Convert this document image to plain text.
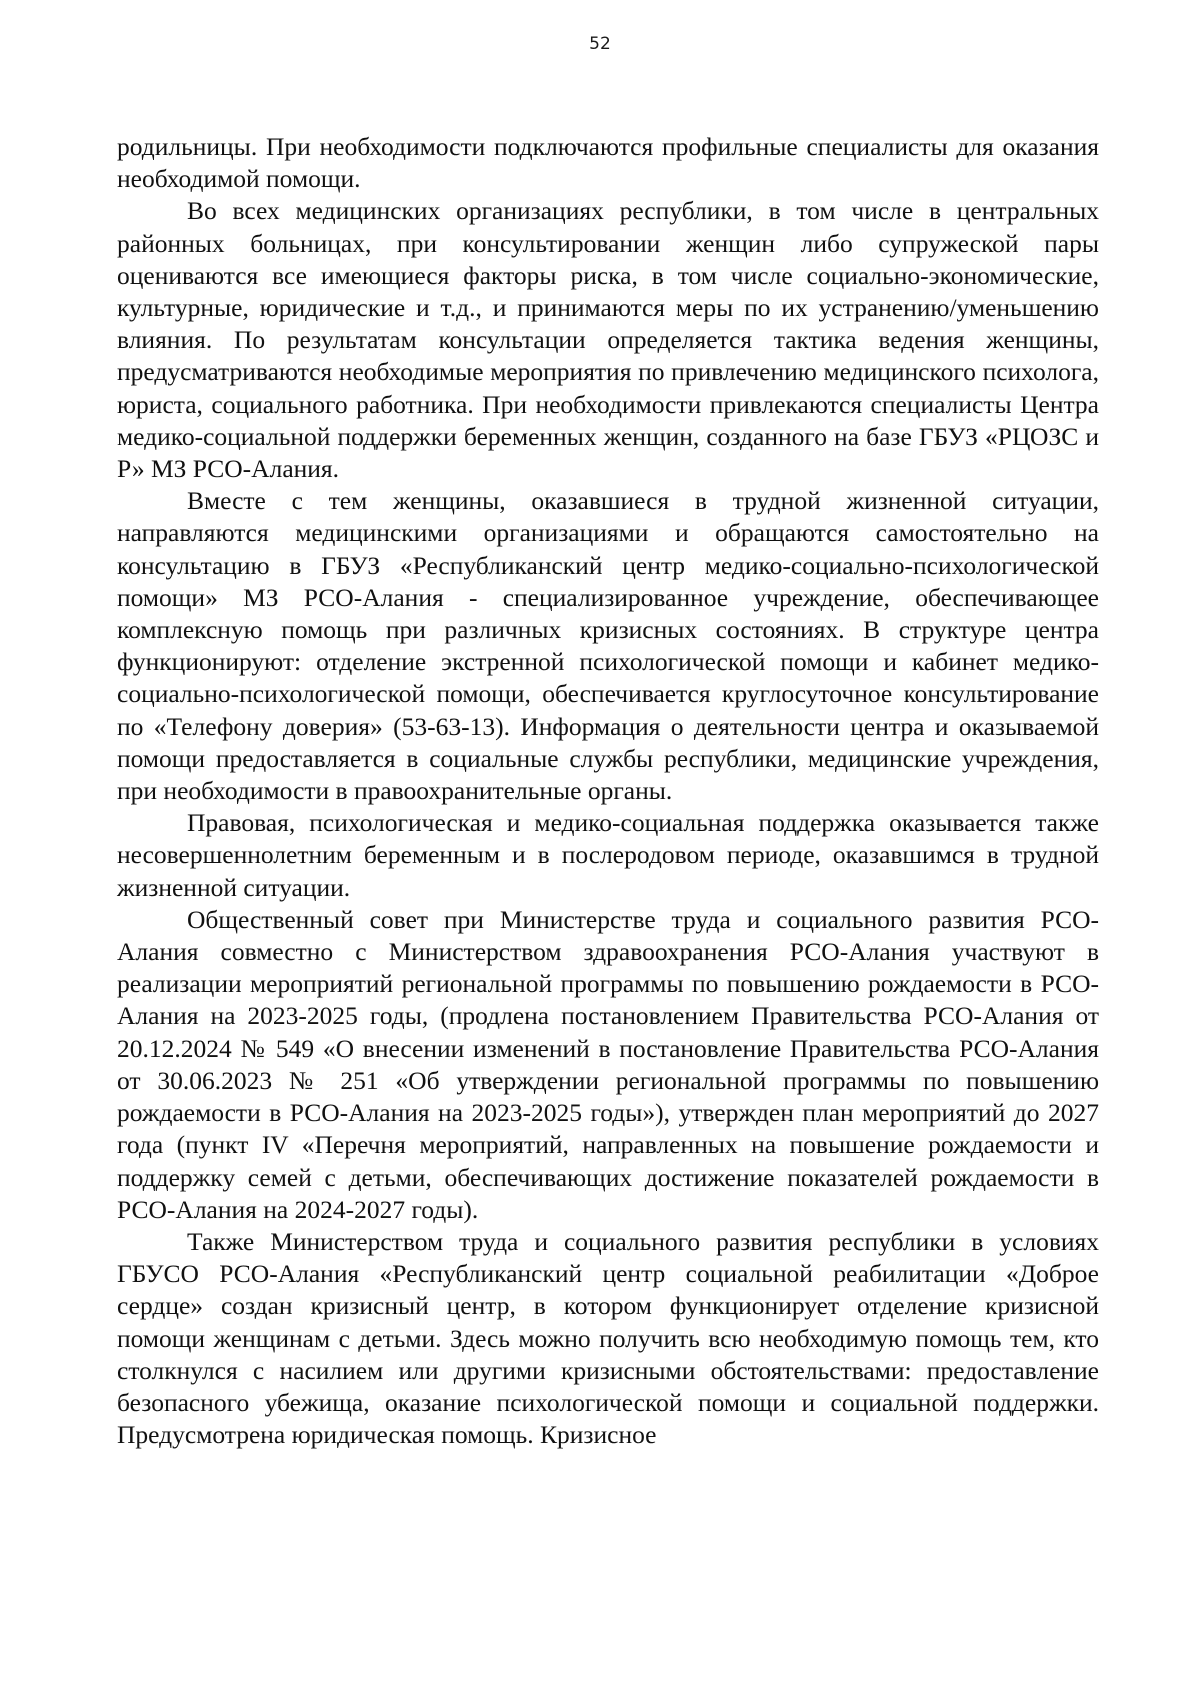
52

родильницы. При необходимости подключаются профильные специалисты для оказания необходимой помощи.

Во всех медицинских организациях республики, в том числе в центральных районных больницах, при консультировании женщин либо супружеской пары оцениваются все имеющиеся факторы риска, в том числе социально-экономические, культурные, юридические и т.д., и принимаются меры по их устранению/уменьшению влияния. По результатам консультации определяется тактика ведения женщины, предусматриваются необходимые мероприятия по привлечению медицинского психолога, юриста, социального работника. При необходимости привлекаются специалисты Центра медико-социальной поддержки беременных женщин, созданного на базе ГБУЗ «РЦОЗС и Р» МЗ РСО-Алания.

Вместе с тем женщины, оказавшиеся в трудной жизненной ситуации, направляются медицинскими организациями и обращаются самостоятельно на консультацию в ГБУЗ «Республиканский центр медико-социально-психологической помощи» МЗ РСО-Алания - специализированное учреждение, обеспечивающее комплексную помощь при различных кризисных состояниях. В структуре центра функционируют: отделение экстренной психологической помощи и кабинет медико-социально-психологической помощи, обеспечивается круглосуточное консультирование по «Телефону доверия» (53-63-13). Информация о деятельности центра и оказываемой помощи предоставляется в социальные службы республики, медицинские учреждения, при необходимости в правоохранительные органы.

Правовая, психологическая и медико-социальная поддержка оказывается также несовершеннолетним беременным и в послеродовом периоде, оказавшимся в трудной жизненной ситуации.

Общественный совет при Министерстве труда и социального развития РСО-Алания совместно с Министерством здравоохранения РСО-Алания участвуют в реализации мероприятий региональной программы по повышению рождаемости в РСО-Алания на 2023-2025 годы, (продлена постановлением Правительства РСО-Алания от 20.12.2024 № 549 «О внесении изменений в постановление Правительства РСО-Алания от 30.06.2023 № 251 «Об утверждении региональной программы по повышению рождаемости в РСО-Алания на 2023-2025 годы»), утвержден план мероприятий до 2027 года (пункт IV «Перечня мероприятий, направленных на повышение рождаемости и поддержку семей с детьми, обеспечивающих достижение показателей рождаемости в РСО-Алания на 2024-2027 годы).

Также Министерством труда и социального развития республики в условиях ГБУСО РСО-Алания «Республиканский центр социальной реабилитации «Доброе сердце» создан кризисный центр, в котором функционирует отделение кризисной помощи женщинам с детьми. Здесь можно получить всю необходимую помощь тем, кто столкнулся с насилием или другими кризисными обстоятельствами: предоставление безопасного убежища, оказание психологической помощи и социальной поддержки. Предусмотрена юридическая помощь. Кризисное
